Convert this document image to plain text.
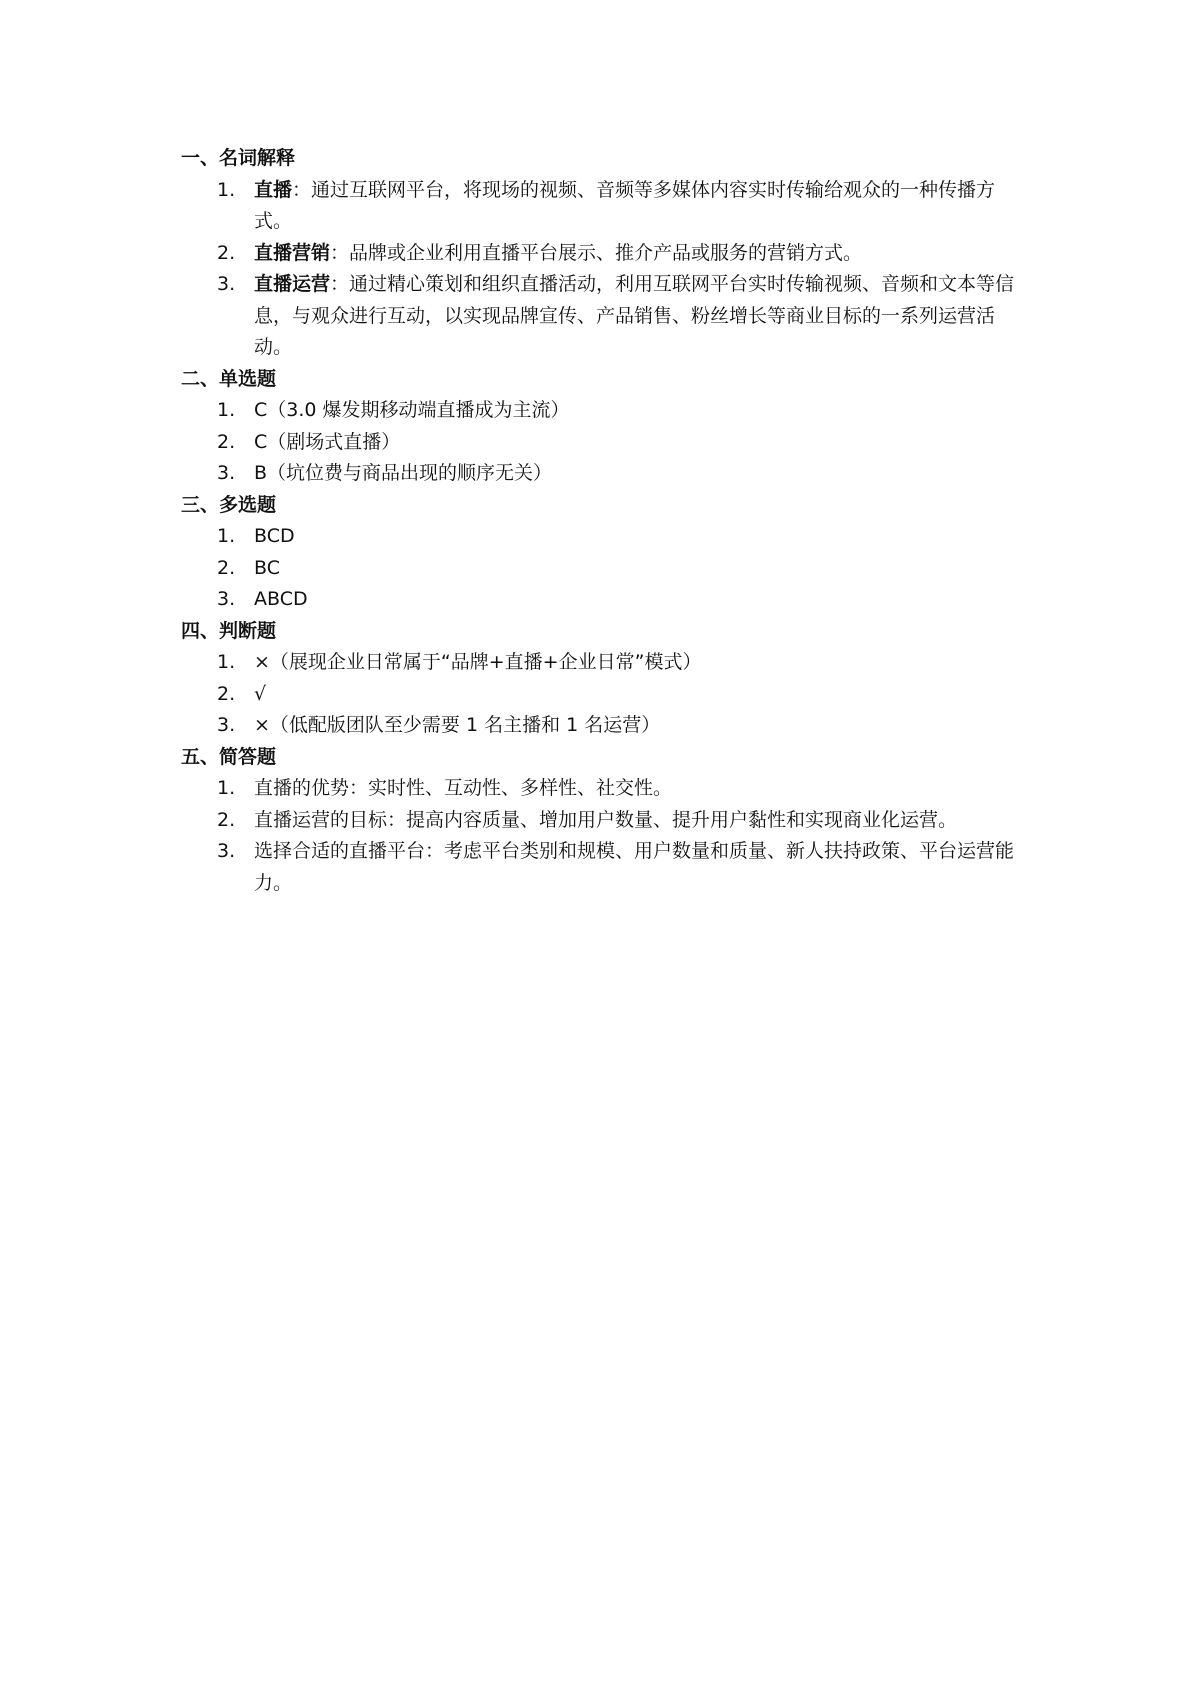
一、名词解释
1. 直播：通过互联网平台，将现场的视频、音频等多媒体内容实时传输给观众的一种传播方式。
2. 直播营销：品牌或企业利用直播平台展示、推介产品或服务的营销方式。
3. 直播运营：通过精心策划和组织直播活动，利用互联网平台实时传输视频、音频和文本等信息，与观众进行互动，以实现品牌宣传、产品销售、粉丝增长等商业目标的一系列运营活动。
二、单选题
1. C（3.0 爆发期移动端直播成为主流）
2. C（剧场式直播）
3. B（坑位费与商品出现的顺序无关）
三、多选题
1. BCD
2. BC
3. ABCD
四、判断题
1. ×（展现企业日常属于“品牌+直播+企业日常”模式）
2. √
3. ×（低配版团队至少需要 1 名主播和 1 名运营）
五、简答题
1. 直播的优势：实时性、互动性、多样性、社交性。
2. 直播运营的目标：提高内容质量、增加用户数量、提升用户黏性和实现商业化运营。
3. 选择合适的直播平台：考虑平台类别和规模、用户数量和质量、新人扶持政策、平台运营能力。
